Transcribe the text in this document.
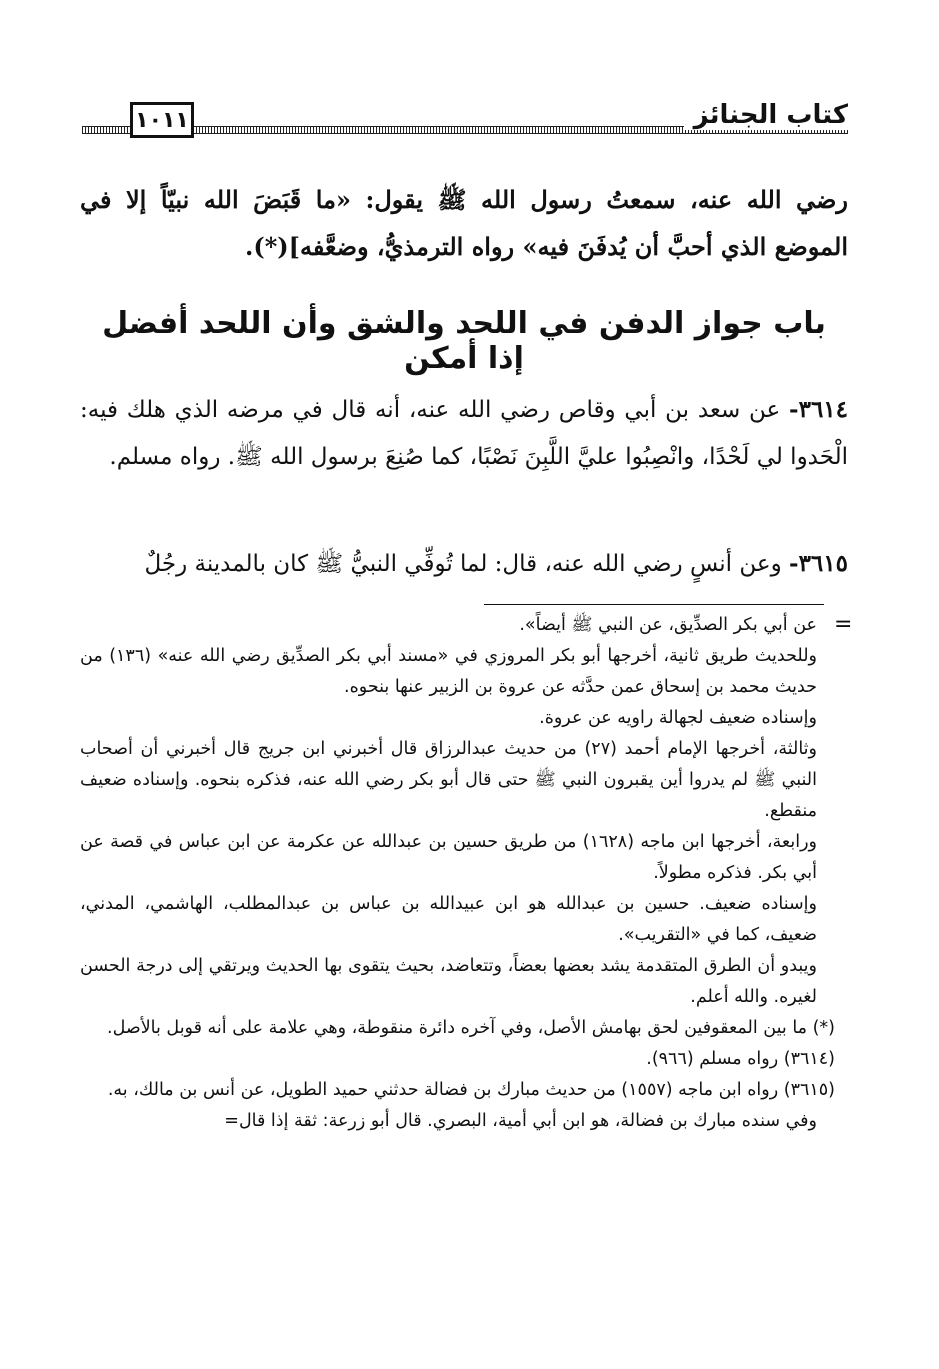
كتاب الجنائز
١٠١١

رضي الله عنه، سمعتُ رسول الله ﷺ يقول: «ما قَبَضَ الله نبيّاً إلا في الموضع الذي أحبَّ أن يُدفَنَ فيه» رواه الترمذيُّ، وضعَّفه](*).

باب جواز الدفن في اللحد والشق وأن اللحد أفضل إذا أمكن

٣٦١٤- عن سعد بن أبي وقاص رضي الله عنه، أنه قال في مرضه الذي هلك فيه: الْحَدوا لي لَحْدًا، وانْصِبُوا عليَّ اللَّبِنَ نَصْبًا، كما صُنِعَ برسول الله ﷺ. رواه مسلم.

٣٦١٥- وعن أنسٍ رضي الله عنه، قال: لما تُوفِّي النبيُّ ﷺ كان بالمدينة رجُلٌ

=

عن أبي بكر الصدِّيق، عن النبي ﷺ أيضاً».

وللحديث طريق ثانية، أخرجها أبو بكر المروزي في «مسند أبي بكر الصدِّيق رضي الله عنه» (١٣٦) من حديث محمد بن إسحاق عمن حدَّثه عن عروة بن الزبير عنها بنحوه.

وإسناده ضعيف لجهالة راويه عن عروة.

وثالثة، أخرجها الإمام أحمد (٢٧) من حديث عبدالرزاق قال أخبرني ابن جريج قال أخبرني أن أصحاب النبي ﷺ لم يدروا أين يقبرون النبي ﷺ حتى قال أبو بكر رضي الله عنه، فذكره بنحوه. وإسناده ضعيف منقطع.

ورابعة، أخرجها ابن ماجه (١٦٢٨) من طريق حسين بن عبدالله عن عكرمة عن ابن عباس في قصة عن أبي بكر. فذكره مطولاً.

وإسناده ضعيف. حسين بن عبدالله هو ابن عبيدالله بن عباس بن عبدالمطلب، الهاشمي، المدني، ضعيف، كما في «التقريب».

ويبدو أن الطرق المتقدمة يشد بعضها بعضاً، وتتعاضد، بحيث يتقوى بها الحديث ويرتقي إلى درجة الحسن لغيره. والله أعلم.

(*) ما بين المعقوفين لحق بهامش الأصل، وفي آخره دائرة منقوطة، وهي علامة على أنه قوبل بالأصل.

(٣٦١٤) رواه مسلم (٩٦٦).

(٣٦١٥) رواه ابن ماجه (١٥٥٧) من حديث مبارك بن فضالة حدثني حميد الطويل، عن أنس بن مالك، به.

وفي سنده مبارك بن فضالة، هو ابن أبي أمية، البصري. قال أبو زرعة: ثقة إذا قال=
